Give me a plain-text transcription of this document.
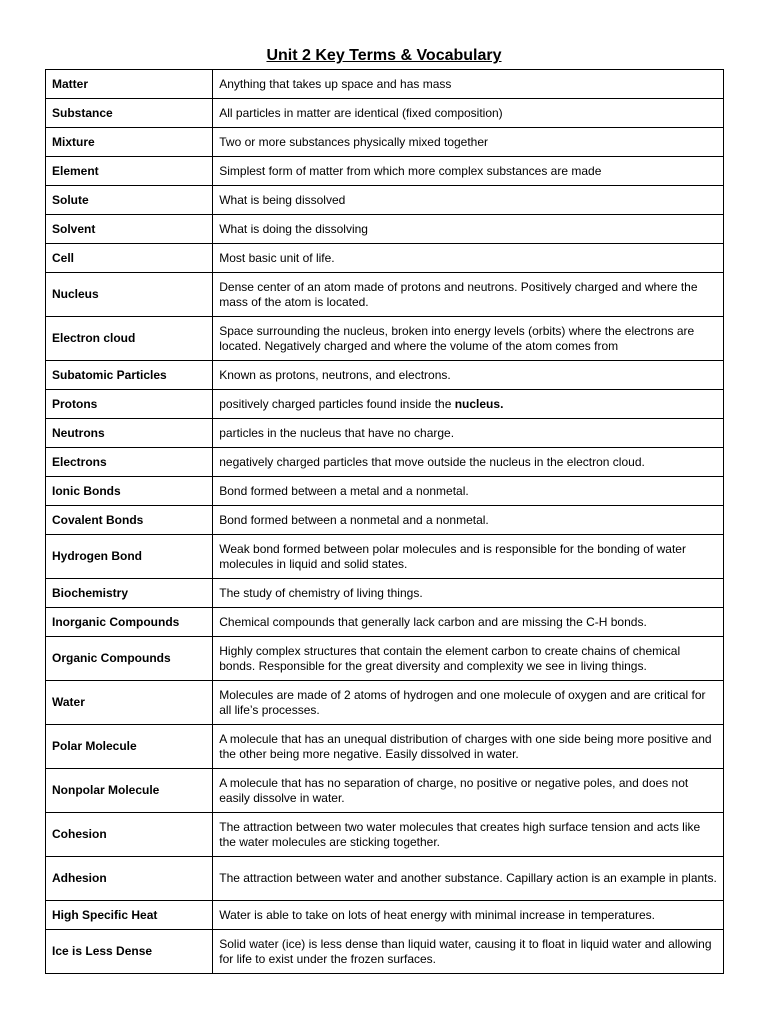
Unit 2 Key Terms & Vocabulary
Matter	Anything that takes up space and has mass
Substance	All particles in matter are identical (fixed composition)
Mixture	Two or more substances physically mixed together
Element	Simplest form of matter from which more complex substances are made
Solute	What is being dissolved
Solvent	What is doing the dissolving
Cell	Most basic unit of life.
Nucleus	Dense center of an atom made of protons and neutrons. Positively charged and where the mass of the atom is located.
Electron cloud	Space surrounding the nucleus, broken into energy levels (orbits) where the electrons are located. Negatively charged and where the volume of the atom comes from
Subatomic Particles	Known as protons, neutrons, and electrons.
Protons	positively charged particles found inside the nucleus.
Neutrons	particles in the nucleus that have no charge.
Electrons	negatively charged particles that move outside the nucleus in the electron cloud.
Ionic Bonds	Bond formed between a metal and a nonmetal.
Covalent Bonds	Bond formed between a nonmetal and a nonmetal.
Hydrogen Bond	Weak bond formed between polar molecules and is responsible for the bonding of water molecules in liquid and solid states.
Biochemistry	The study of chemistry of living things.
Inorganic Compounds	Chemical compounds that generally lack carbon and are missing the C-H bonds.
Organic Compounds	Highly complex structures that contain the element carbon to create chains of chemical bonds. Responsible for the great diversity and complexity we see in living things.
Water	Molecules are made of 2 atoms of hydrogen and one molecule of oxygen and are critical for all life’s processes.
Polar Molecule	A molecule that has an unequal distribution of charges with one side being more positive and the other being more negative. Easily dissolved in water.
Nonpolar Molecule	A molecule that has no separation of charge, no positive or negative poles, and does not easily dissolve in water.
Cohesion	The attraction between two water molecules that creates high surface tension and acts like the water molecules are sticking together.
Adhesion	The attraction between water and another substance. Capillary action is an example in plants.
High Specific Heat	Water is able to take on lots of heat energy with minimal increase in temperatures.
Ice is Less Dense	Solid water (ice) is less dense than liquid water, causing it to float in liquid water and allowing for life to exist under the frozen surfaces.
